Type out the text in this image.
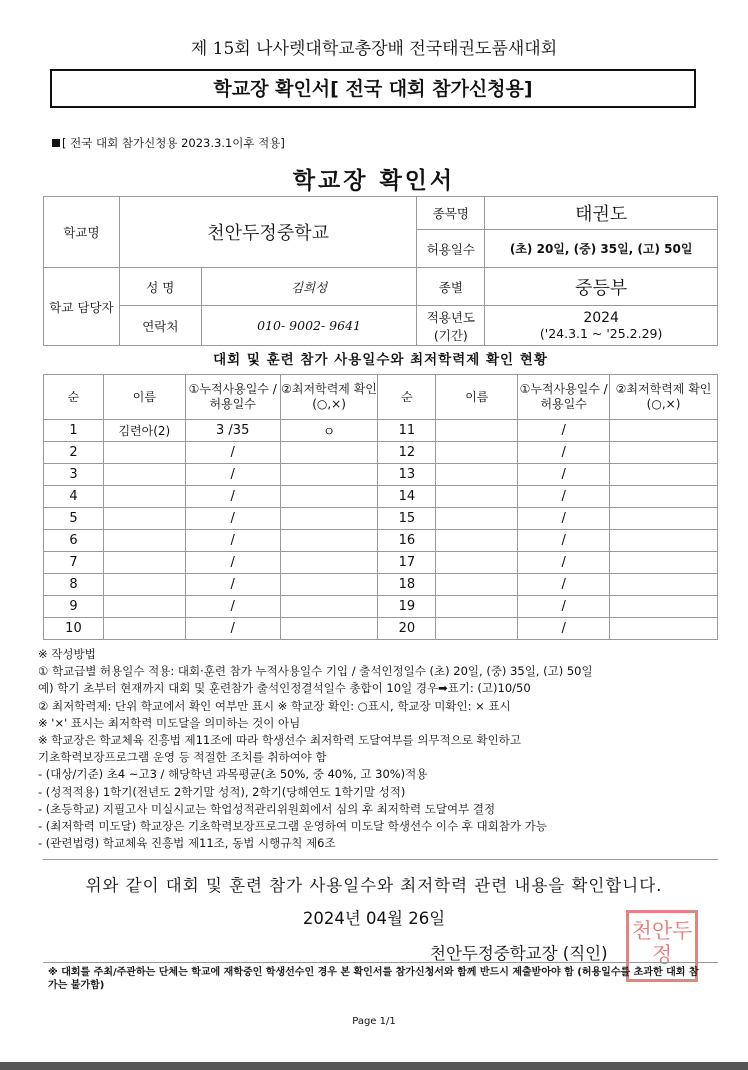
제 15회 나사렛대학교총장배 전국태권도품새대회
학교장 확인서[ 전국 대회 참가신청용]
[ 전국 대회 참가신청용 2023.3.1이후 적용]
학교장 확인서
학교명	천안두정중학교		종목명	태권도
			허용일수	(초) 20일, (중) 35일, (고) 50일
학교 담당자	성 명	김희성	종별	중등부
	연락처	010- 9002- 9641	적용년도 (기간)	2024
('24.3.1 ~ '25.2.29)
대회 및 훈련 참가 사용일수와 최저학력제 확인 현황
순	이름	①누적사용일수 /허용일수	②최저학력제 확인(○,×)	순	이름	①누적사용일수 /허용일수	②최저학력제 확인(○,×)
1	김련아(2)	3 /35	ㅇ	11		/	
2		/		12		/	
3		/		13		/	
4		/		14		/	
5		/		15		/	
6		/		16		/	
7		/		17		/	
8		/		18		/	
9		/		19		/	
10		/		20		/	
※ 작성방법
① 학교급별 허용일수 적용: 대회·훈련 참가 누적사용일수 기입 / 출석인정일수 (초) 20일, (중) 35일, (고) 50일
예) 학기 초부터 현재까지 대회 및 훈련참가 출석인정결석일수 총합이 10일 경우➡표기: (고)10/50
② 최저학력제: 단위 학교에서 확인 여부만 표시 ※ 학교장 확인: ○표시, 학교장 미확인: × 표시
※ '×' 표시는 최저학력 미도달을 의미하는 것이 아님
※ 학교장은 학교체육 진흥법 제11조에 따라 학생선수 최저학력 도달여부를 의무적으로 확인하고
기초학력보장프로그램 운영 등 적절한 조치를 취하여야 함
- (대상/기준) 초4 ~고3 / 해당학년 과목평균(초 50%, 중 40%, 고 30%)적용
- (성적적용) 1학기(전년도 2학기말 성적), 2학기(당해연도 1학기말 성적)
- (초등학교) 지필고사 미실시교는 학업성적관리위원회에서 심의 후 최저학력 도달여부 결정
- (최저학력 미도달) 학교장은 기초학력보장프로그램 운영하여 미도달 학생선수 이수 후 대회참가 가능
- (관련법령) 학교체육 진흥법 제11조, 동법 시행규칙 제6조
위와 같이 대회 및 훈련 참가 사용일수와 최저학력 관련 내용을 확인합니다.
2024년 04월 26일
천안두정
천안두정중학교장 (직인)
※ 대회를 주최/주관하는 단체는 학교에 재학중인 학생선수인 경우 본 확인서를 참가신청서와 함께 반드시 제출받아야 함 (허용일수를 초과한 대회 참가는 불가함)
Page 1/1
